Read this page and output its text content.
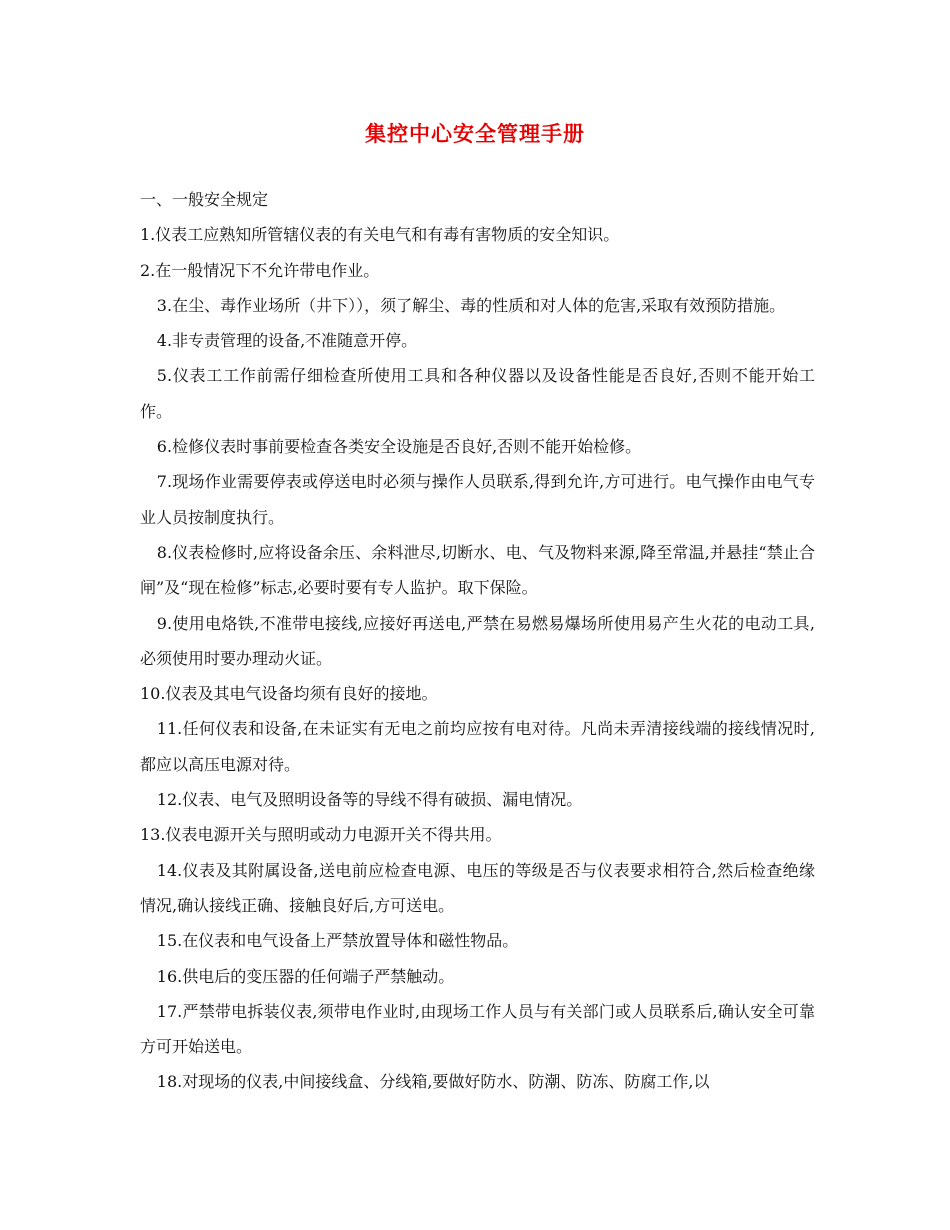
集控中心安全管理手册

一、一般安全规定

1.仪表工应熟知所管辖仪表的有关电气和有毒有害物质的安全知识。

2.在一般情况下不允许带电作业。

3.在尘、毒作业场所（井下）），须了解尘、毒的性质和对人体的危害,采取有效预防措施。

4.非专责管理的设备,不准随意开停。

5.仪表工工作前需仔细检查所使用工具和各种仪器以及设备性能是否良好,否则不能开始工作。

6.检修仪表时事前要检查各类安全设施是否良好,否则不能开始检修。

7.现场作业需要停表或停送电时必须与操作人员联系,得到允许,方可进行。电气操作由电气专业人员按制度执行。

8.仪表检修时,应将设备余压、余料泄尽,切断水、电、气及物料来源,降至常温,并悬挂“禁止合闸”及“现在检修”标志,必要时要有专人监护。取下保险。

9.使用电烙铁,不准带电接线,应接好再送电,严禁在易燃易爆场所使用易产生火花的电动工具,必须使用时要办理动火证。

10.仪表及其电气设备均须有良好的接地。

11.任何仪表和设备,在未证实有无电之前均应按有电对待。凡尚未弄清接线端的接线情况时,都应以高压电源对待。

12.仪表、电气及照明设备等的导线不得有破损、漏电情况。

13.仪表电源开关与照明或动力电源开关不得共用。

14.仪表及其附属设备,送电前应检查电源、电压的等级是否与仪表要求相符合,然后检查绝缘情况,确认接线正确、接触良好后,方可送电。

15.在仪表和电气设备上严禁放置导体和磁性物品。

16.供电后的变压器的任何端子严禁触动。

17.严禁带电拆装仪表,须带电作业时,由现场工作人员与有关部门或人员联系后,确认安全可靠方可开始送电。

18.对现场的仪表,中间接线盒、分线箱,要做好防水、防潮、防冻、防腐工作,以
